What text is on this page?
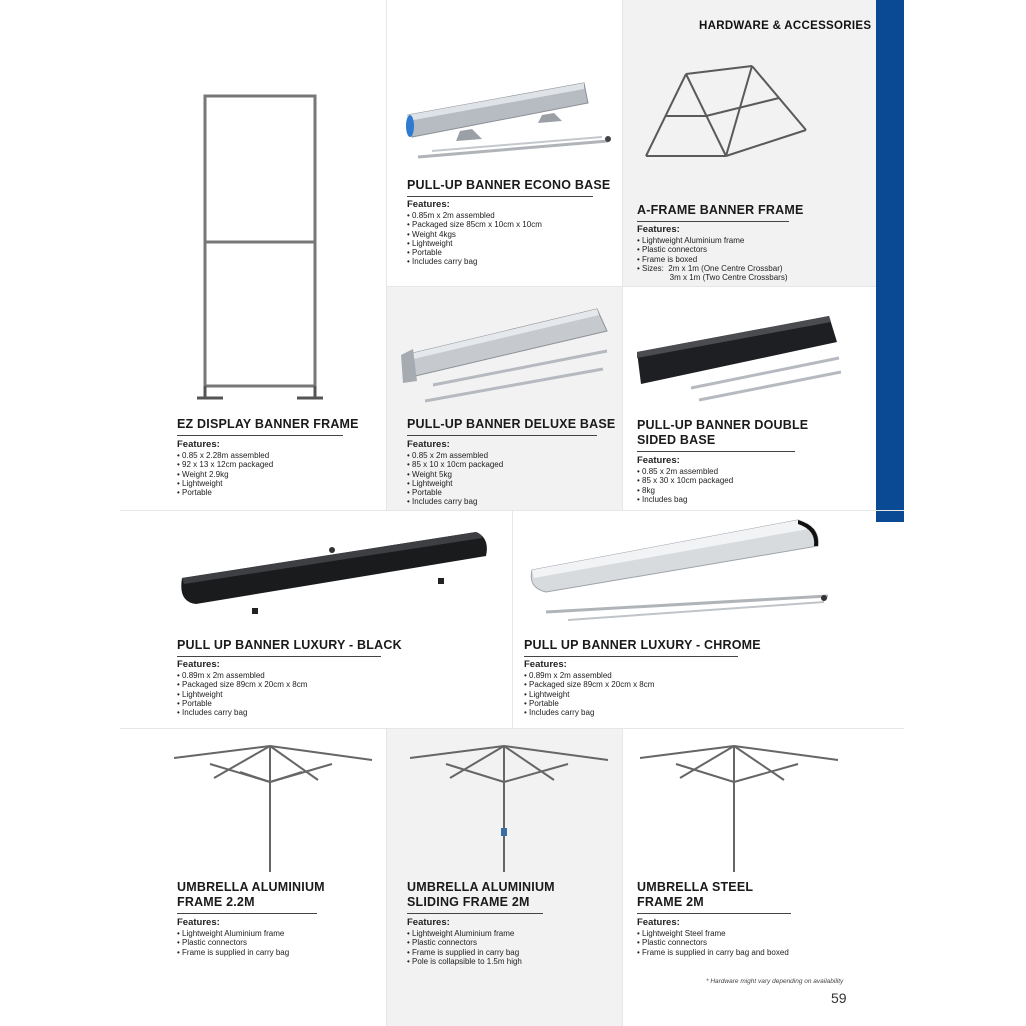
HARDWARE & ACCESSORIES
EZ DISPLAY BANNER FRAME
PULL-UP BANNER ECONO BASE
A-FRAME BANNER FRAME
PULL-UP BANNER DELUXE BASE PULL-UP BANNER DOUBLE
SIDED BASE
PULL UP BANNER LUXURY - BLACK	PULL UP BANNER LUXURY - CHROME
UMBRELLA ALUMINIUM
FRAME 2.2M
UMBRELLA ALUMINIUM
SLIDING FRAME 2M
UMBRELLA STEEL
FRAME 2M
Features:
• 0.85 x 2.28m assembled
• 92 x 13 x 12cm packaged
• Weight 2.9kg
• Lightweight
• Portable
Features:
• 0.85m x 2m assembled
• Packaged size 85cm x 10cm x 10cm
• Weight 4kgs
• Lightweight
• Portable
• Includes carry bag
Features:
• Lightweight Aluminium frame
• Plastic connectors
• Frame is boxed
• Sizes:  2m x 1m (One Centre Crossbar)
3m x 1m (Two Centre Crossbars)
Features:
• 0.85 x 2m assembled
• 85 x 10 x 10cm packaged
• Weight 5kg
• Lightweight
• Portable
• Includes carry bag
Features:
• 0.85 x 2m assembled
• 85 x 30 x 10cm packaged
• 8kg
• Includes bag
Features:
• 0.89m x 2m assembled
• Packaged size 89cm x 20cm x 8cm
• Lightweight
• Portable
• Includes carry bag
Features:
• 0.89m x 2m assembled
• Packaged size 89cm x 20cm x 8cm
• Lightweight
• Portable
• Includes carry bag
Features:
• Lightweight Aluminium frame
• Plastic connectors
• Frame is supplied in carry bag
Features:
• Lightweight Aluminium frame
• Plastic connectors
• Frame is supplied in carry bag
• Pole is collapsible to 1.5m high
Features:
• Lightweight Steel frame
• Plastic connectors
• Frame is supplied in carry bag and boxed
* Hardware might vary depending on availability
59
